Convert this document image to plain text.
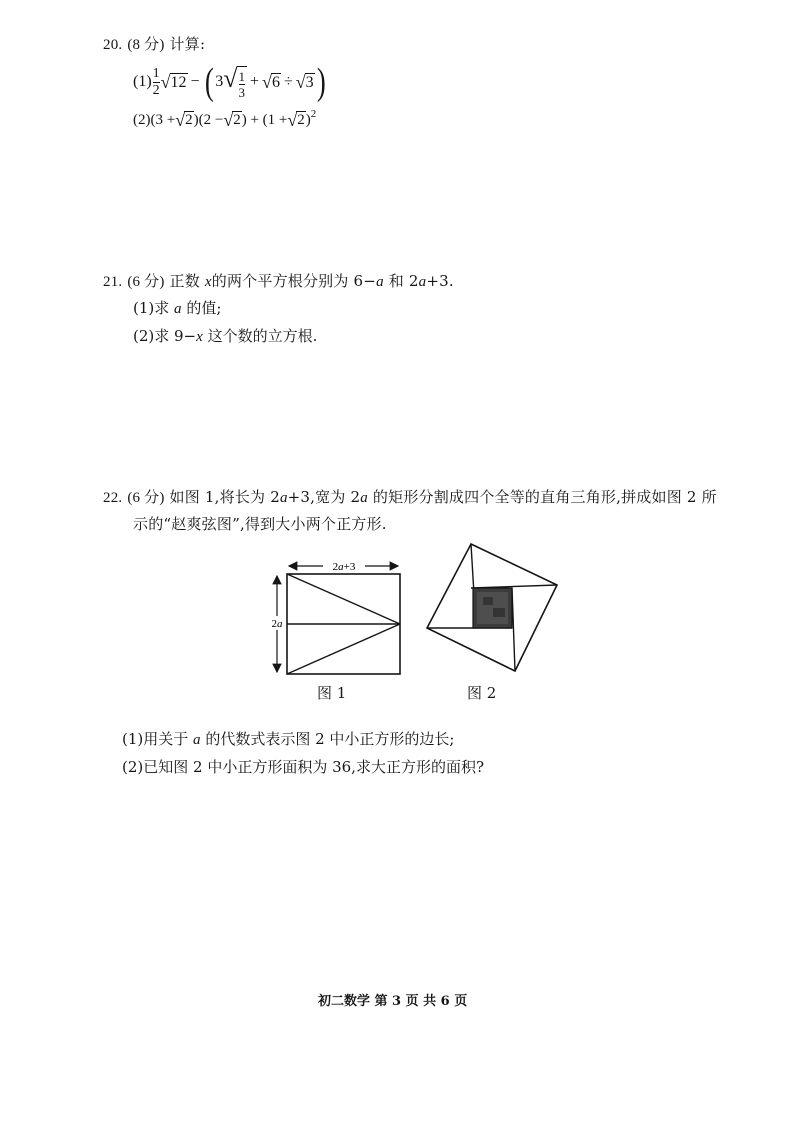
20. (8 分) 计算:
$(1) \frac{1}{2}$ √ 12 − ( 3 √ $\frac{1}{3}$ + √ 6 ÷ √ 3 )
(2) (3 + √ 2 )(2 − √ 2 ) + (1 + √ 2 )$^2$
21. (6 分) 正数 x的两个平方根分别为 6−a 和 2a+3.
(1)求 a 的值;
(2)求 9−x 这个数的立方根.
22. (6 分) 如图 1,将长为 2a+3,宽为 2a 的矩形分割成四个全等的直角三角形,拼成如图 2 所
示的“赵爽弦图”,得到大小两个正方形.
2a+3
2a
图 1	图 2
(1)用关于 a 的代数式表示图 2 中小正方形的边长;
(2)已知图 2 中小正方形面积为 36,求大正方形的面积?
初二数学 第 3 页 共 6 页
